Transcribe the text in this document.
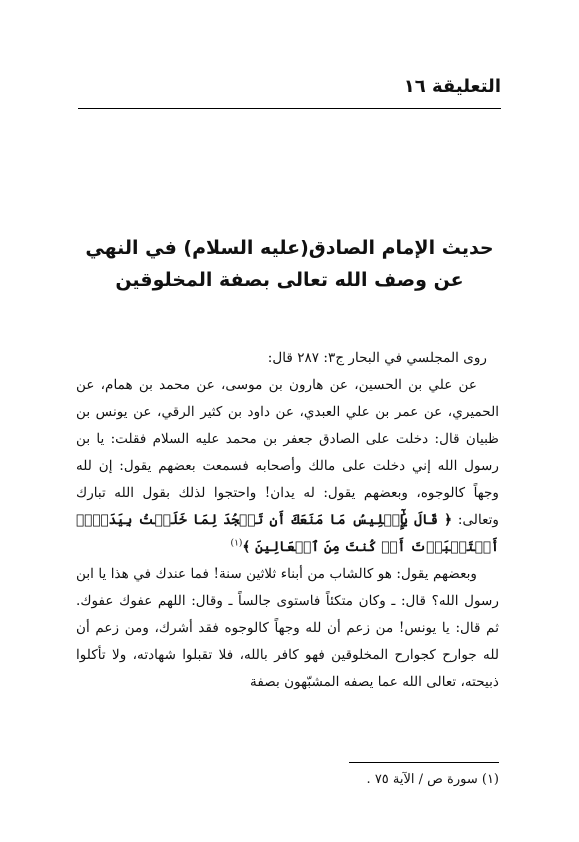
التعليقة ١٦
حديث الإمام الصادق(عليه السلام) في النهي
عن وصف الله تعالى بصفة المخلوقين

روى المجلسي في البحار ج٣: ٢٨٧ قال:

عن علي بن الحسين، عن هارون بن موسى، عن محمد بن همام، عن الحميري، عن عمر بن علي العبدي، عن داود بن كثير الرقي، عن يونس بن ظبيان قال: دخلت على الصادق جعفر بن محمد عليه السلام فقلت: يا بن رسول الله إني دخلت على مالك وأصحابه فسمعت بعضهم يقول: إن لله وجهاً كالوجوه، وبعضهم يقول: له يدان! واحتجوا لذلك بقول الله تبارك وتعالى: ﴿ قَالَ يَٰٓإِبۡلِيسُ مَا مَنَعَكَ أَن تَسۡجُدَ لِمَا خَلَقۡتُ بِيَدَيَّۖ أَسۡتَكۡبَرۡتَ أَمۡ كُنتَ مِنَ ٱلۡعَالِينَ ﴾$^{(١)}$

وبعضهم يقول: هو كالشاب من أبناء ثلاثين سنة! فما عندك في هذا يا ابن رسول الله؟ قال: ـ وكان متكئاً فاستوى جالساً ـ وقال: اللهم عفوك عفوك. ثم قال: يا يونس! من زعم أن لله وجهاً كالوجوه فقد أشرك، ومن زعم أن لله جوارح كجوارح المخلوقين فهو كافر بالله، فلا تقبلوا شهادته، ولا تأكلوا ذبيحته، تعالى الله عما يصفه المشبّهون بصفة

(١) سورة ص / الآية ٧٥ .
